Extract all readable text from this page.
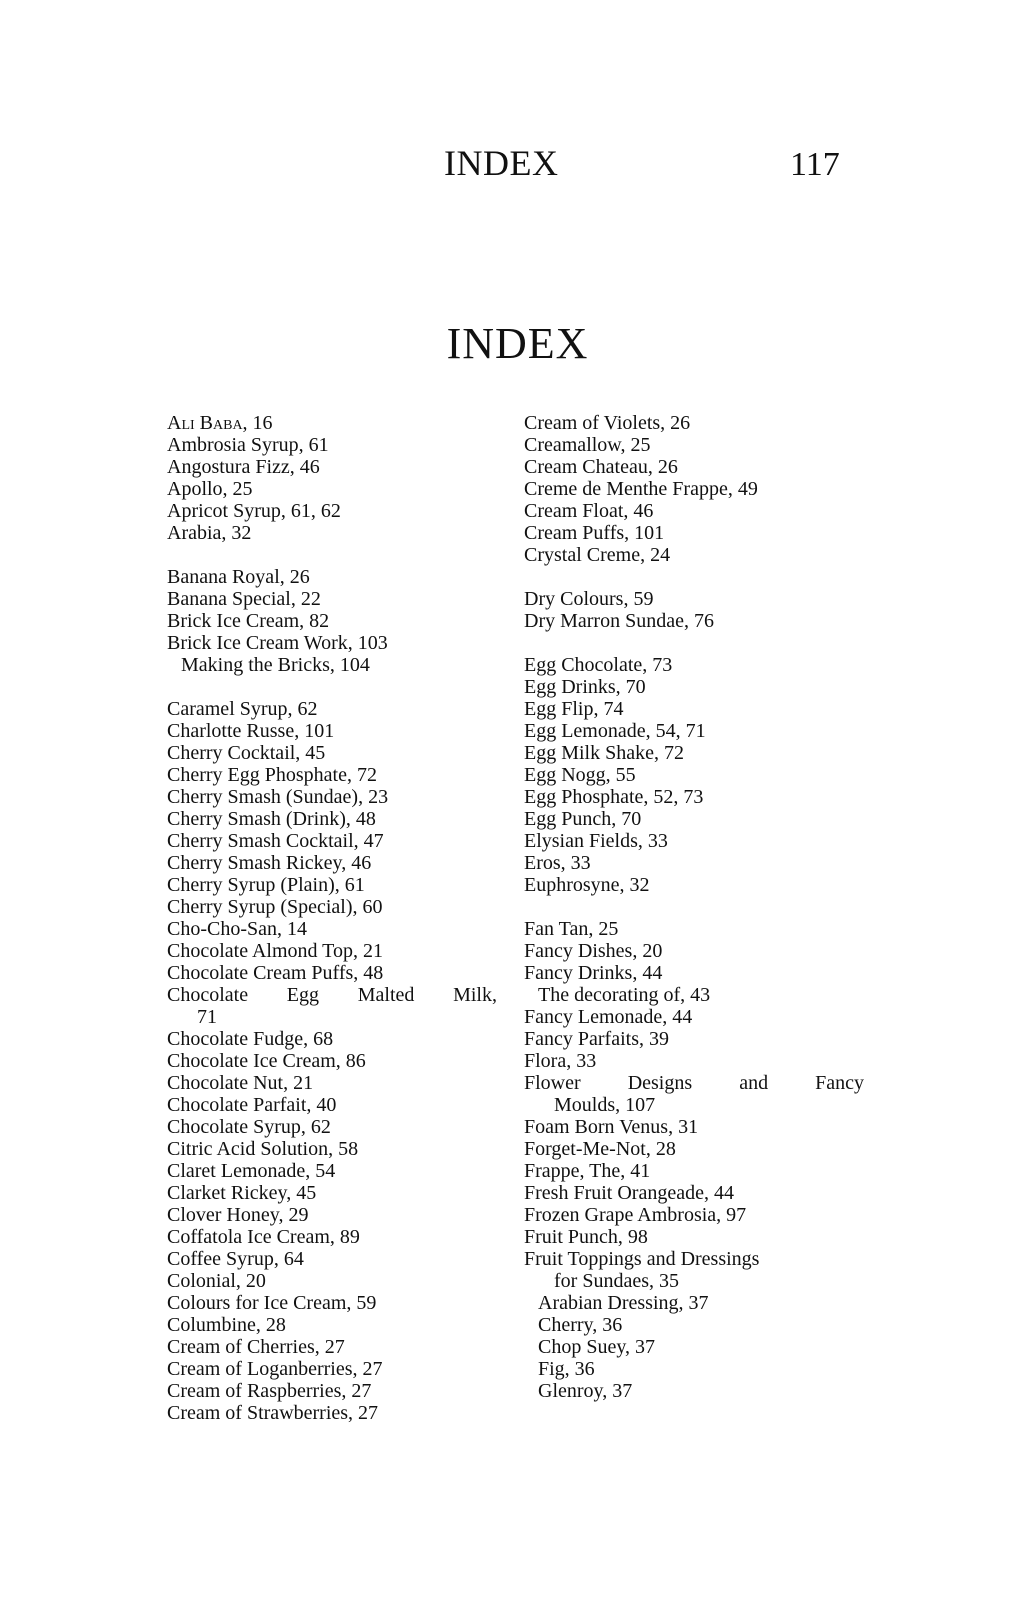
INDEX	117
INDEX
Ali Baba, 16
Ambrosia Syrup, 61
Angostura Fizz, 46
Apollo, 25
Apricot Syrup, 61, 62
Arabia, 32
Banana Royal, 26
Banana Special, 22
Brick Ice Cream, 82
Brick Ice Cream Work, 103
Making the Bricks, 104
Caramel Syrup, 62
Charlotte Russe, 101
Cherry Cocktail, 45
Cherry Egg Phosphate, 72
Cherry Smash (Sundae), 23
Cherry Smash (Drink), 48
Cherry Smash Cocktail, 47
Cherry Smash Rickey, 46
Cherry Syrup (Plain), 61
Cherry Syrup (Special), 60
Cho-Cho-San, 14
Chocolate Almond Top, 21
Chocolate Cream Puffs, 48
Chocolate Egg Malted Milk,
71
Chocolate Fudge, 68
Chocolate Ice Cream, 86
Chocolate Nut, 21
Chocolate Parfait, 40
Chocolate Syrup, 62
Citric Acid Solution, 58
Claret Lemonade, 54
Clarket Rickey, 45
Clover Honey, 29
Coffatola Ice Cream, 89
Coffee Syrup, 64
Colonial, 20
Colours for Ice Cream, 59
Columbine, 28
Cream of Cherries, 27
Cream of Loganberries, 27
Cream of Raspberries, 27
Cream of Strawberries, 27
Cream of Violets, 26
Creamallow, 25
Cream Chateau, 26
Creme de Menthe Frappe, 49
Cream Float, 46
Cream Puffs, 101
Crystal Creme, 24
Dry Colours, 59
Dry Marron Sundae, 76
Egg Chocolate, 73
Egg Drinks, 70
Egg Flip, 74
Egg Lemonade, 54, 71
Egg Milk Shake, 72
Egg Nogg, 55
Egg Phosphate, 52, 73
Egg Punch, 70
Elysian Fields, 33
Eros, 33
Euphrosyne, 32
Fan Tan, 25
Fancy Dishes, 20
Fancy Drinks, 44
The decorating of, 43
Fancy Lemonade, 44
Fancy Parfaits, 39
Flora, 33
Flower Designs and Fancy
Moulds, 107
Foam Born Venus, 31
Forget-Me-Not, 28
Frappe, The, 41
Fresh Fruit Orangeade, 44
Frozen Grape Ambrosia, 97
Fruit Punch, 98
Fruit Toppings and Dressings
for Sundaes, 35
Arabian Dressing, 37
Cherry, 36
Chop Suey, 37
Fig, 36
Glenroy, 37
